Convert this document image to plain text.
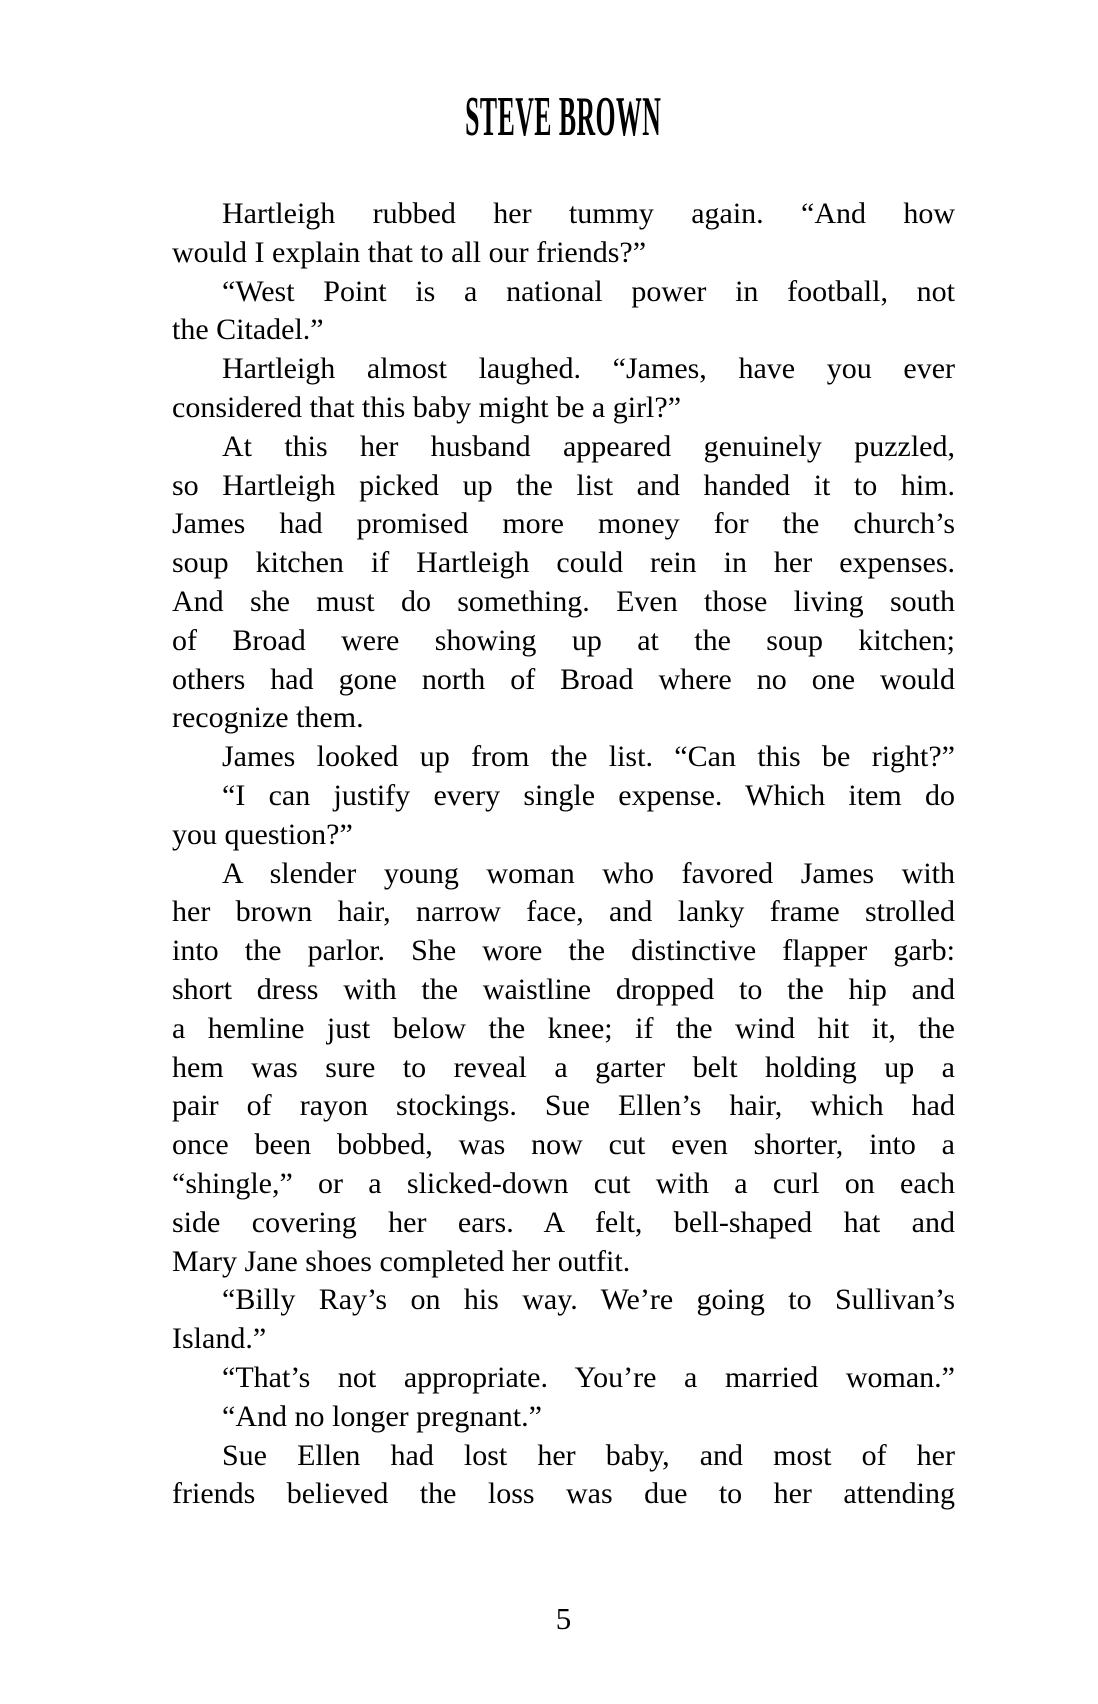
STEVE BROWN

Hartleigh rubbed her tummy again. “And how
would I explain that to all our friends?”

“West Point is a national power in football, not
the Citadel.”

Hartleigh almost laughed. “James, have you ever
considered that this baby might be a girl?”

At this her husband appeared genuinely puzzled,
so Hartleigh picked up the list and handed it to him.
James had promised more money for the church’s
soup kitchen if Hartleigh could rein in her expenses.
And she must do something. Even those living south
of Broad were showing up at the soup kitchen;
others had gone north of Broad where no one would
recognize them.

James looked up from the list. “Can this be right?”

“I can justify every single expense. Which item do
you question?”

A slender young woman who favored James with
her brown hair, narrow face, and lanky frame strolled
into the parlor. She wore the distinctive flapper garb:
short dress with the waistline dropped to the hip and
a hemline just below the knee; if the wind hit it, the
hem was sure to reveal a garter belt holding up a
pair of rayon stockings. Sue Ellen’s hair, which had
once been bobbed, was now cut even shorter, into a
“shingle,” or a slicked-down cut with a curl on each
side covering her ears. A felt, bell-shaped hat and
Mary Jane shoes completed her outfit.

“Billy Ray’s on his way. We’re going to Sullivan’s
Island.”

“That’s not appropriate. You’re a married woman.”

“And no longer pregnant.”

Sue Ellen had lost her baby, and most of her
friends believed the loss was due to her attending

5
